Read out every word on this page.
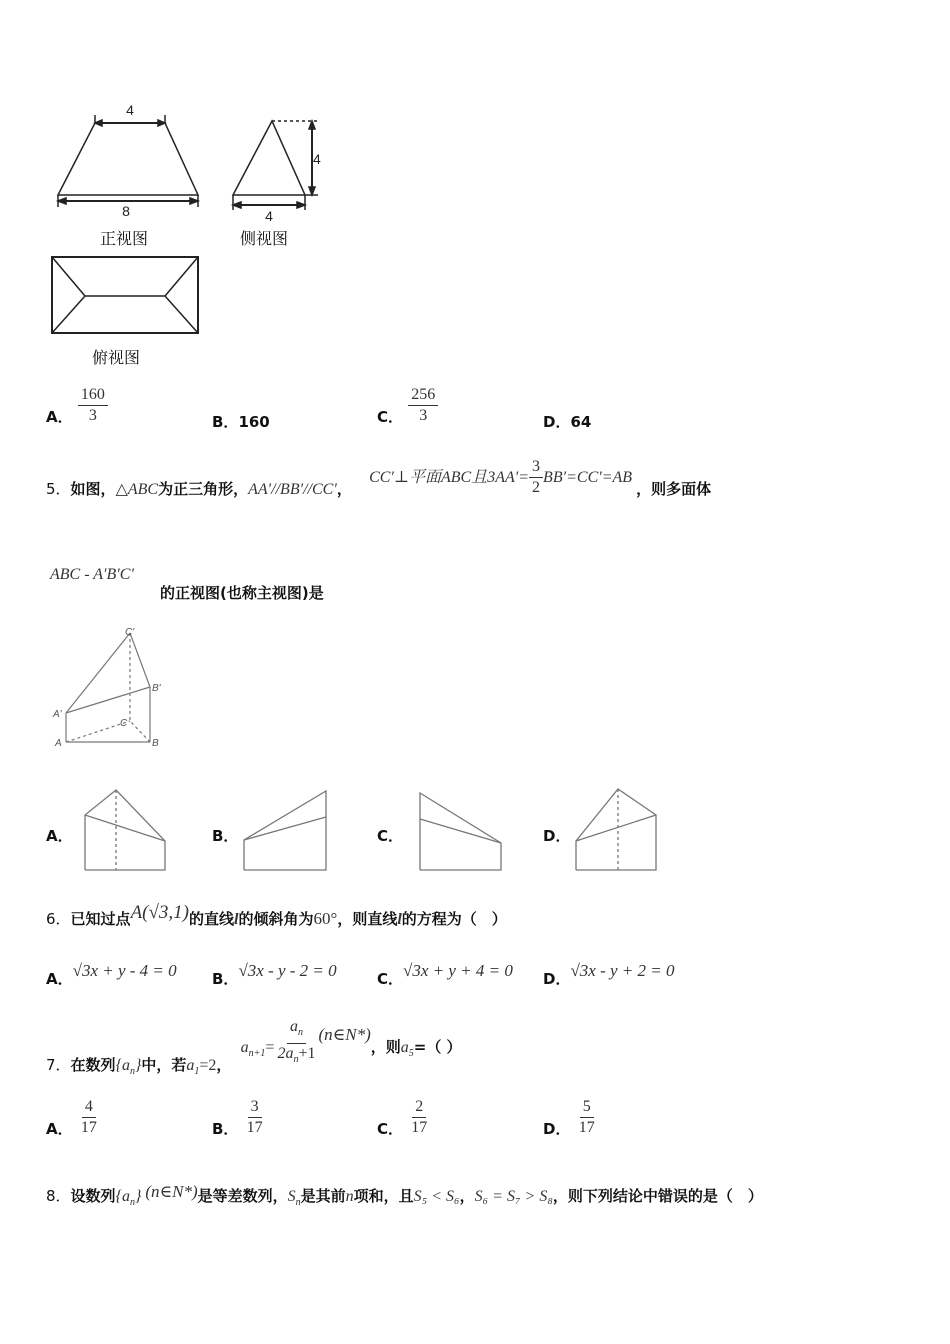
4
8
4
4
正视图	侧视图
俯视图
A． $\frac{160}{3}$	B．160	C． $\frac{256}{3}$	D．64
5．如图，△ABC为正三角形，AA′//BB′//CC′， CC′⊥平面ABC且$3AA'= \frac{3}{2} BB'=CC'=AB$，则多面体
ABC - A′B′C′
的正视图(也称主视图)是
C'
B'
A'
C
A	B
A．	B．	C．	D．
6．已知过点A(√3,1)的直线l的倾斜角为60°，则直线l的方程为（　）
A．√3x + y - 4 = 0 B．√3x - y - 2 = 0	C．√3x + y + 4 = 0 D．√3x - y + 2 = 0
7．在数列$\{a_n\}$中，若$a_1=2$， $a_{n+1}= \frac{a_n}{2a_n+1}$ (n∈N*)，则$a_5=$（ ）
A． $\frac{4}{17}$	B． $\frac{3}{17}$	C． $\frac{2}{17}$	D． $\frac{5}{17}$
8．设数列$\{a_n\}$ (n∈N*)是等差数列，$S_n$是其前n项和，且S₅ < S₆，S₆ = S₇ > S₈，则下列结论中错误的是（　）
